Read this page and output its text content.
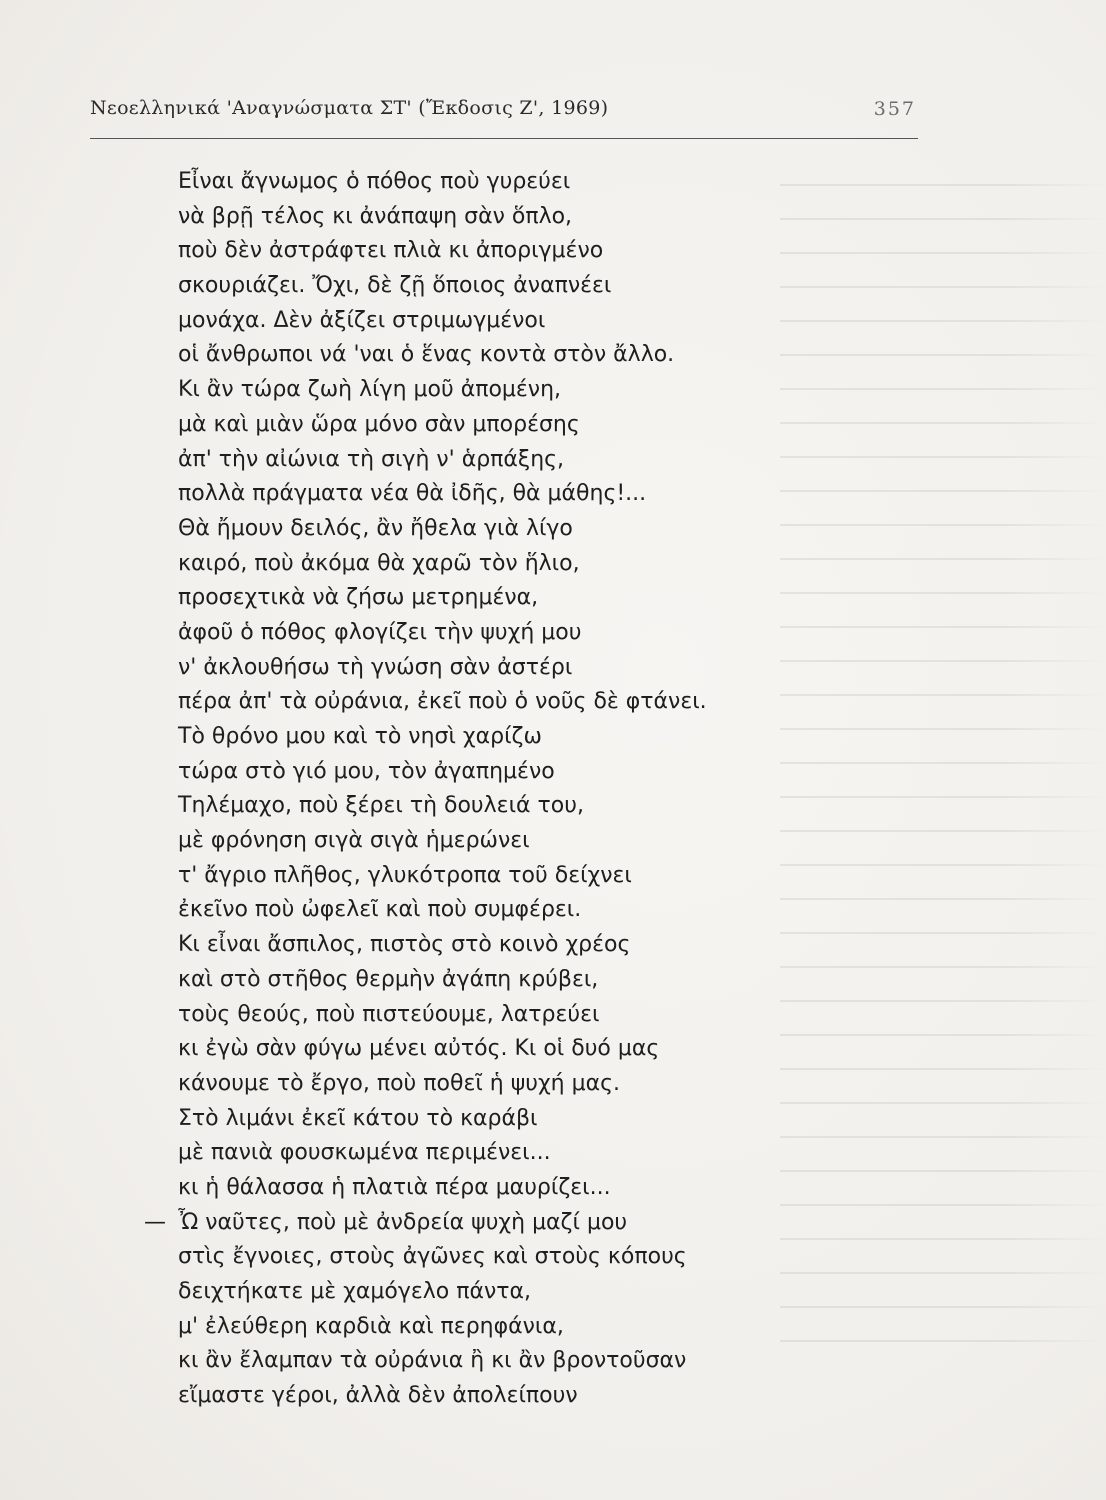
Νεοελληνικά 'Αναγνώσματα ΣΤ' (Ἔκδοσις Ζ', 1969)	357
Εἶναι ἄγνωμος ὁ πόθος ποὺ γυρεύει
νὰ βρῇ τέλος κι ἀνάπαψη σὰν ὅπλο,
ποὺ δὲν ἀστράφτει πλιὰ κι ἀποριγμένο
σκουριάζει. Ὄχι, δὲ ζῇ ὅποιος ἀναπνέει
μονάχα. Δὲν ἀξίζει στριμωγμένοι
οἱ ἄνθρωποι νά 'ναι ὁ ἕνας κοντὰ στὸν ἄλλο.
Κι ἂν τώρα ζωὴ λίγη μοῦ ἀπομένη,
μὰ καὶ μιὰν ὥρα μόνο σὰν μπορέσης
ἀπ' τὴν αἰώνια τὴ σιγὴ ν' ἁρπάξης,
πολλὰ πράγματα νέα θὰ ἰδῆς, θὰ μάθης!...
Θὰ ἤμουν δειλός, ἂν ἤθελα γιὰ λίγο
καιρό, ποὺ ἀκόμα θὰ χαρῶ τὸν ἥλιο,
προσεχτικὰ νὰ ζήσω μετρημένα,
ἀφοῦ ὁ πόθος φλογίζει τὴν ψυχή μου
ν' ἀκλουθήσω τὴ γνώση σὰν ἀστέρι
πέρα ἀπ' τὰ οὐράνια, ἐκεῖ ποὺ ὁ νοῦς δὲ φτάνει.
Τὸ θρόνο μου καὶ τὸ νησὶ χαρίζω
τώρα στὸ γιό μου, τὸν ἀγαπημένο
Τηλέμαχο, ποὺ ξέρει τὴ δουλειά του,
μὲ φρόνηση σιγὰ σιγὰ ἡμερώνει
τ' ἄγριο πλῆθος, γλυκότροπα τοῦ δείχνει
ἐκεῖνο ποὺ ὠφελεῖ καὶ ποὺ συμφέρει.
Κι εἶναι ἄσπιλος, πιστὸς στὸ κοινὸ χρέος
καὶ στὸ στῆθος θερμὴν ἀγάπη κρύβει,
τοὺς θεούς, ποὺ πιστεύουμε, λατρεύει
κι ἐγὼ σὰν φύγω μένει αὐτός. Κι οἱ δυό μας
κάνουμε τὸ ἔργο, ποὺ ποθεῖ ἡ ψυχή μας.
Στὸ λιμάνι ἐκεῖ κάτου τὸ καράβι
μὲ πανιὰ φουσκωμένα περιμένει...
κι ἡ θάλασσα ἡ πλατιὰ πέρα μαυρίζει...
— Ὦ ναῦτες, ποὺ μὲ ἀνδρεία ψυχὴ μαζί μου
στὶς ἔγνοιες, στοὺς ἀγῶνες καὶ στοὺς κόπους
δειχτήκατε μὲ χαμόγελο πάντα,
μ' ἐλεύθερη καρδιὰ καὶ περηφάνια,
κι ἂν ἔλαμπαν τὰ οὐράνια ἢ κι ἂν βροντοῦσαν
εἴμαστε γέροι, ἀλλὰ δὲν ἀπολείπουν
